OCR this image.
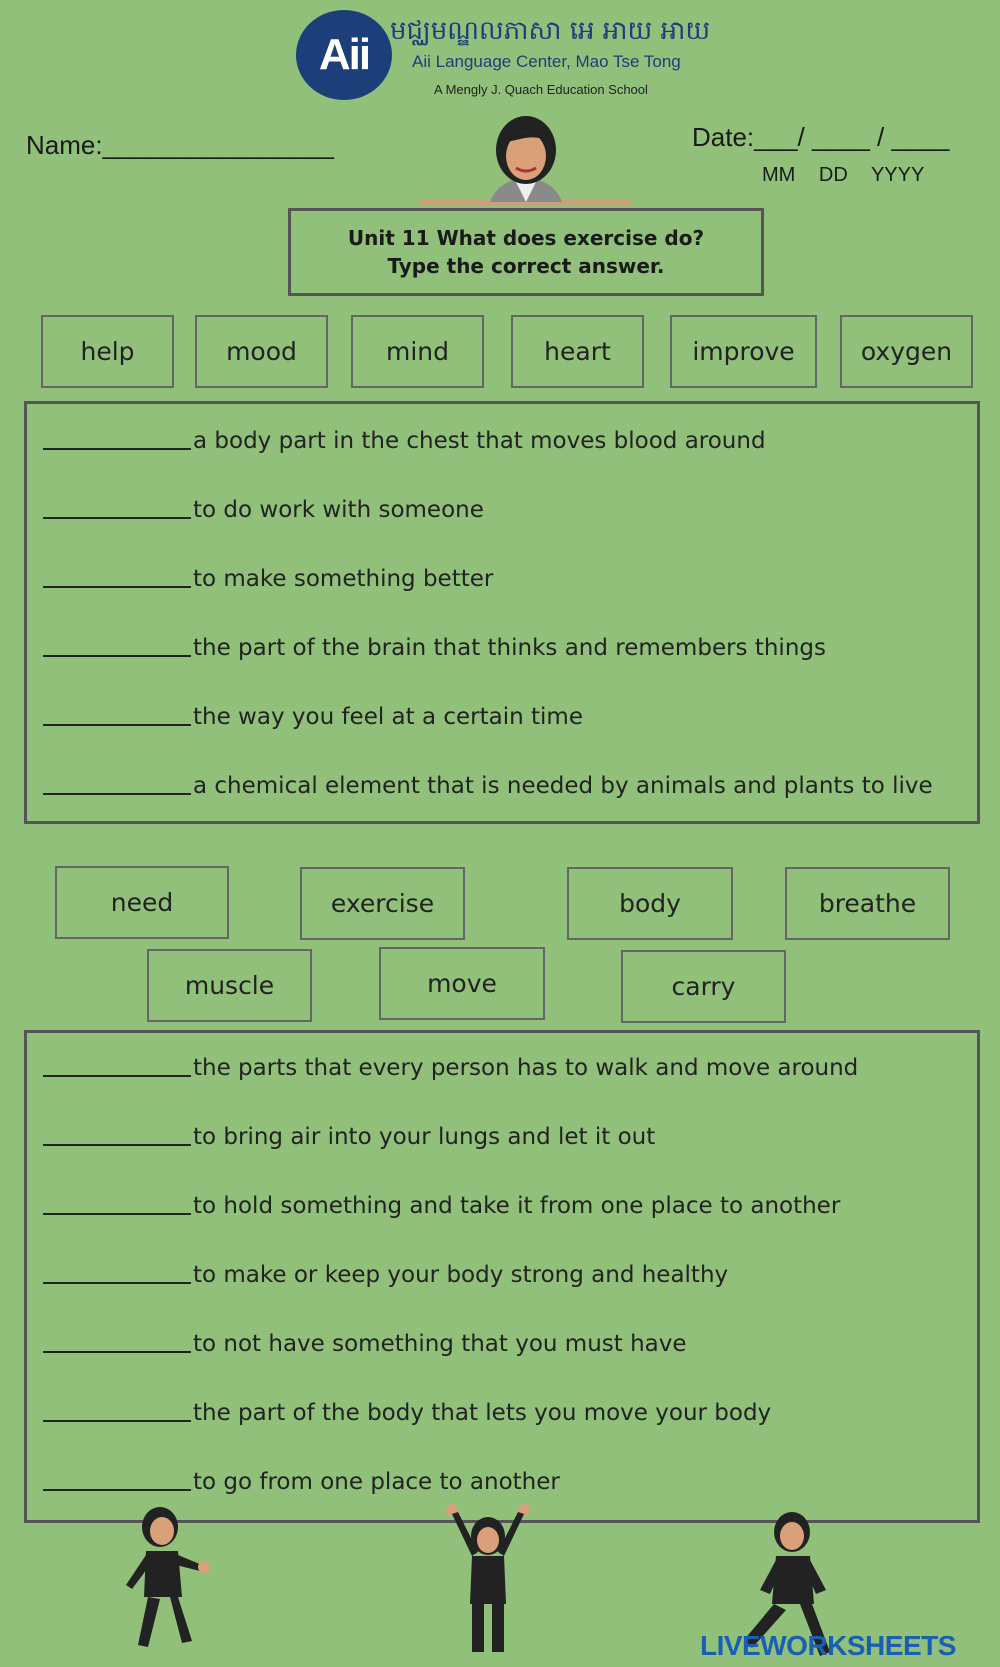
Aii មជ្ឈមណ្ឌលភាសា អេ អាយ អាយ
Aii Language Center, Mao Tse Tong
A Mengly J. Quach Education School
Name:________________	Date:___/ ____ / ____
MM DD YYYY
Unit 11 What does exercise do?
Type the correct answer.
help	mood	mind	heart	improve	oxygen
a body part in the chest that moves blood around
to do work with someone
to make something better
the part of the brain that thinks and remembers things
the way you feel at a certain time
a chemical element that is needed by animals and plants to live
need	exercise	body	breathe
muscle	move	carry
the parts that every person has to walk and move around
to bring air into your lungs and let it out
to hold something and take it from one place to another
to make or keep your body strong and healthy
to not have something that you must have
the part of the body that lets you move your body
to go from one place to another
LIVEWORKSHEETS
